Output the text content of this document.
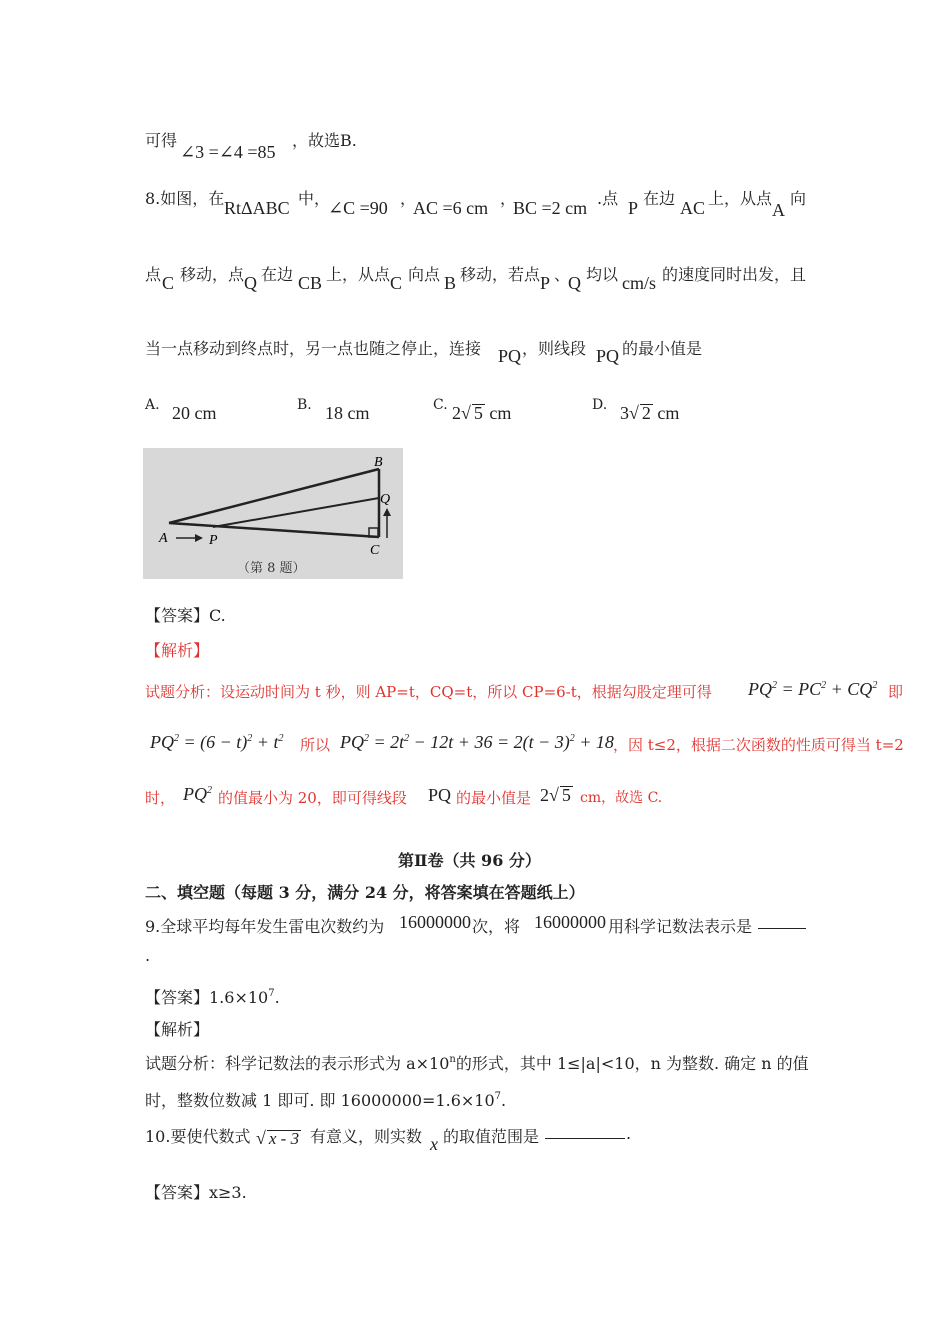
可得
∠3 =∠4 =85
，故选B.
8.如图，在 RtΔABC 中，
∠C =90 ，
AC =6 cm ，
BC =2 cm .点 P 在边 AC 上，从点
A
向
点 C 移动，点 Q 在边 CB 上，从点 C 向点 B 移动，若点 P 、
Q 均以 cm/s 的速度同时出发，且
当一点移动到终点时，另一点也随之停止，连接 PQ ，则线段 PQ 的最小值是
A. 20 cm	B. 18 cm	C. 2√ 5 cm	D. 3√ 2 cm
B
Q
A	P
C
（第 8 题）
【答案】C.
【解析】
试题分析：设运动时间为 t 秒，则 AP=t，CQ=t，所以 CP=6-t，根据勾股定理可得 $PQ^2 = PC^2 + CQ^2$ 即
$PQ^2 = (6 - t)^2 + t^2$ 所以 $PQ^2 = 2t^2 - 12t + 36 = 2(t - 3)^2 + 18$ ，因 t≤2，根据二次函数的性质可得当 t=2
时， $PQ^2$ 的值最小为 20，即可得线段 PQ 的最小值是 2√ 5 cm，故选 C.
第Ⅱ卷（共 96 分）
二、填空题（每题 3 分，满分 24 分，将答案填在答题纸上）
9.全球平均每年发生雷电次数约为 16000000 次，将 16000000 用科学记数法表示是
.
【答案】$1.6\times 10^7$.
【解析】
试题分析：科学记数法的表示形式为 $a\times 10^n$的形式，其中 1≤|a|<10，n 为整数. 确定 n 的值
时，整数位数减 1 即可. 即 $16000000=1.6\times 10^7$.
10.要使代数式 √ x - 3 有意义，则实数 x 的取值范围是	.
【答案】x≥3.
